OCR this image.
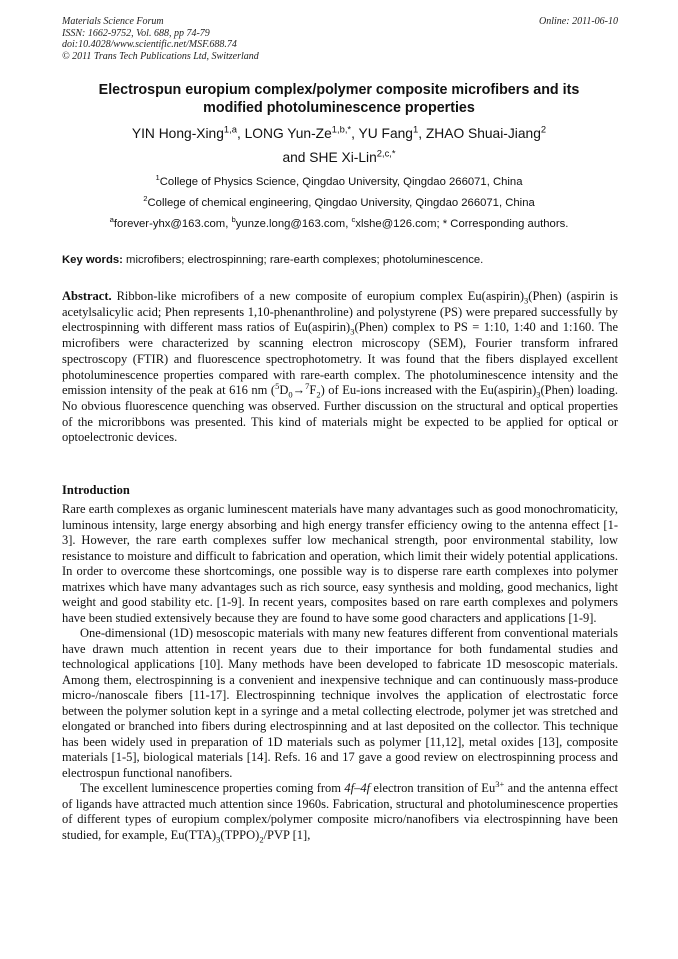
Materials Science Forum
ISSN: 1662-9752, Vol. 688, pp 74-79
doi:10.4028/www.scientific.net/MSF.688.74
© 2011 Trans Tech Publications Ltd, Switzerland
Online: 2011-06-10
Electrospun europium complex/polymer composite microfibers and its
modified photoluminescence properties
YIN Hong-Xing$^{1,a}$, LONG Yun-$Ze^{1,b,*}$, YU Fang$^1$, ZHAO Shuai-Jiang$^2$
and SHE Xi-Lin$^{2,c,*}$
$^1$College of Physics Science, Qingdao University, Qingdao 266071, China
$^2$College of chemical engineering, Qingdao University, Qingdao 266071, China
$^a$forever-yhx@163.com, $^b$yunze.long@163.com, $^c$xlshe@126.com; * Corresponding authors.
Key words: microfibers; electrospinning; rare-earth complexes; photoluminescence.
Abstract. Ribbon-like microfibers of a new composite of europium complex $Eu(aspirin)_3(Phen)$ (aspirin is acetylsalicylic acid; Phen represents 1,10-phenanthroline) and polystyrene (PS) were prepared successfully by electrospinning with different mass ratios of $Eu(aspirin)_3(Phen)$ complex to PS = 1:10, 1:40 and 1:160. The microfibers were characterized by scanning electron microscopy (SEM), Fourier transform infrared spectroscopy (FTIR) and fluorescence spectrophotometry. It was found that the fibers displayed excellent photoluminescence properties compared with rare-earth complex. The photoluminescence intensity and the emission intensity of the peak at 616 nm $(^5D_0\to^7F_2)$ of Eu-ions increased with the $Eu(aspirin)_3(Phen)$ loading. No obvious fluorescence quenching was observed. Further discussion on the structural and optical properties of the microribbons was presented. This kind of materials might be expected to be applied for optical or optoelectronic devices.
Introduction

Rare earth complexes as organic luminescent materials have many advantages such as good monochromaticity, luminous intensity, large energy absorbing and high energy transfer efficiency owing to the antenna effect [1-3]. However, the rare earth complexes suffer low mechanical strength, poor environmental stability, low resistance to moisture and difficult to fabrication and operation, which limit their widely potential applications. In order to overcome these shortcomings, one possible way is to disperse rare earth complexes into polymer matrixes which have many advantages such as rich source, easy synthesis and molding, good mechanics, light weight and good stability etc. [1-9]. In recent years, composites based on rare earth complexes and polymers have been studied extensively because they are found to have some good characters and applications [1-9].

One-dimensional (1D) mesoscopic materials with many new features different from conventional materials have drawn much attention in recent years due to their importance for both fundamental studies and technological applications [10]. Many methods have been developed to fabricate 1D mesoscopic materials. Among them, electrospinning is a convenient and inexpensive technique and can continuously mass-produce micro-/nanoscale fibers [11-17]. Electrospinning technique involves the application of electrostatic force between the polymer solution kept in a syringe and a metal collecting electrode, polymer jet was stretched and elongated or branched into fibers during electrospinning and at last deposited on the collector. This technique has been widely used in preparation of 1D materials such as polymer [11,12], metal oxides [13], composite materials [1-5], biological materials [14]. Refs. 16 and 17 gave a good review on electrospinning process and electrospun functional nanofibers.

The excellent luminescence properties coming from 4f–4f electron transition of $Eu^{3+}$ and the antenna effect of ligands have attracted much attention since 1960s. Fabrication, structural and photoluminescence properties of different types of europium complex/polymer composite micro/nanofibers via electrospinning have been studied, for example, $Eu(TTA)_3(TPPO)_2$/PVP [1],
